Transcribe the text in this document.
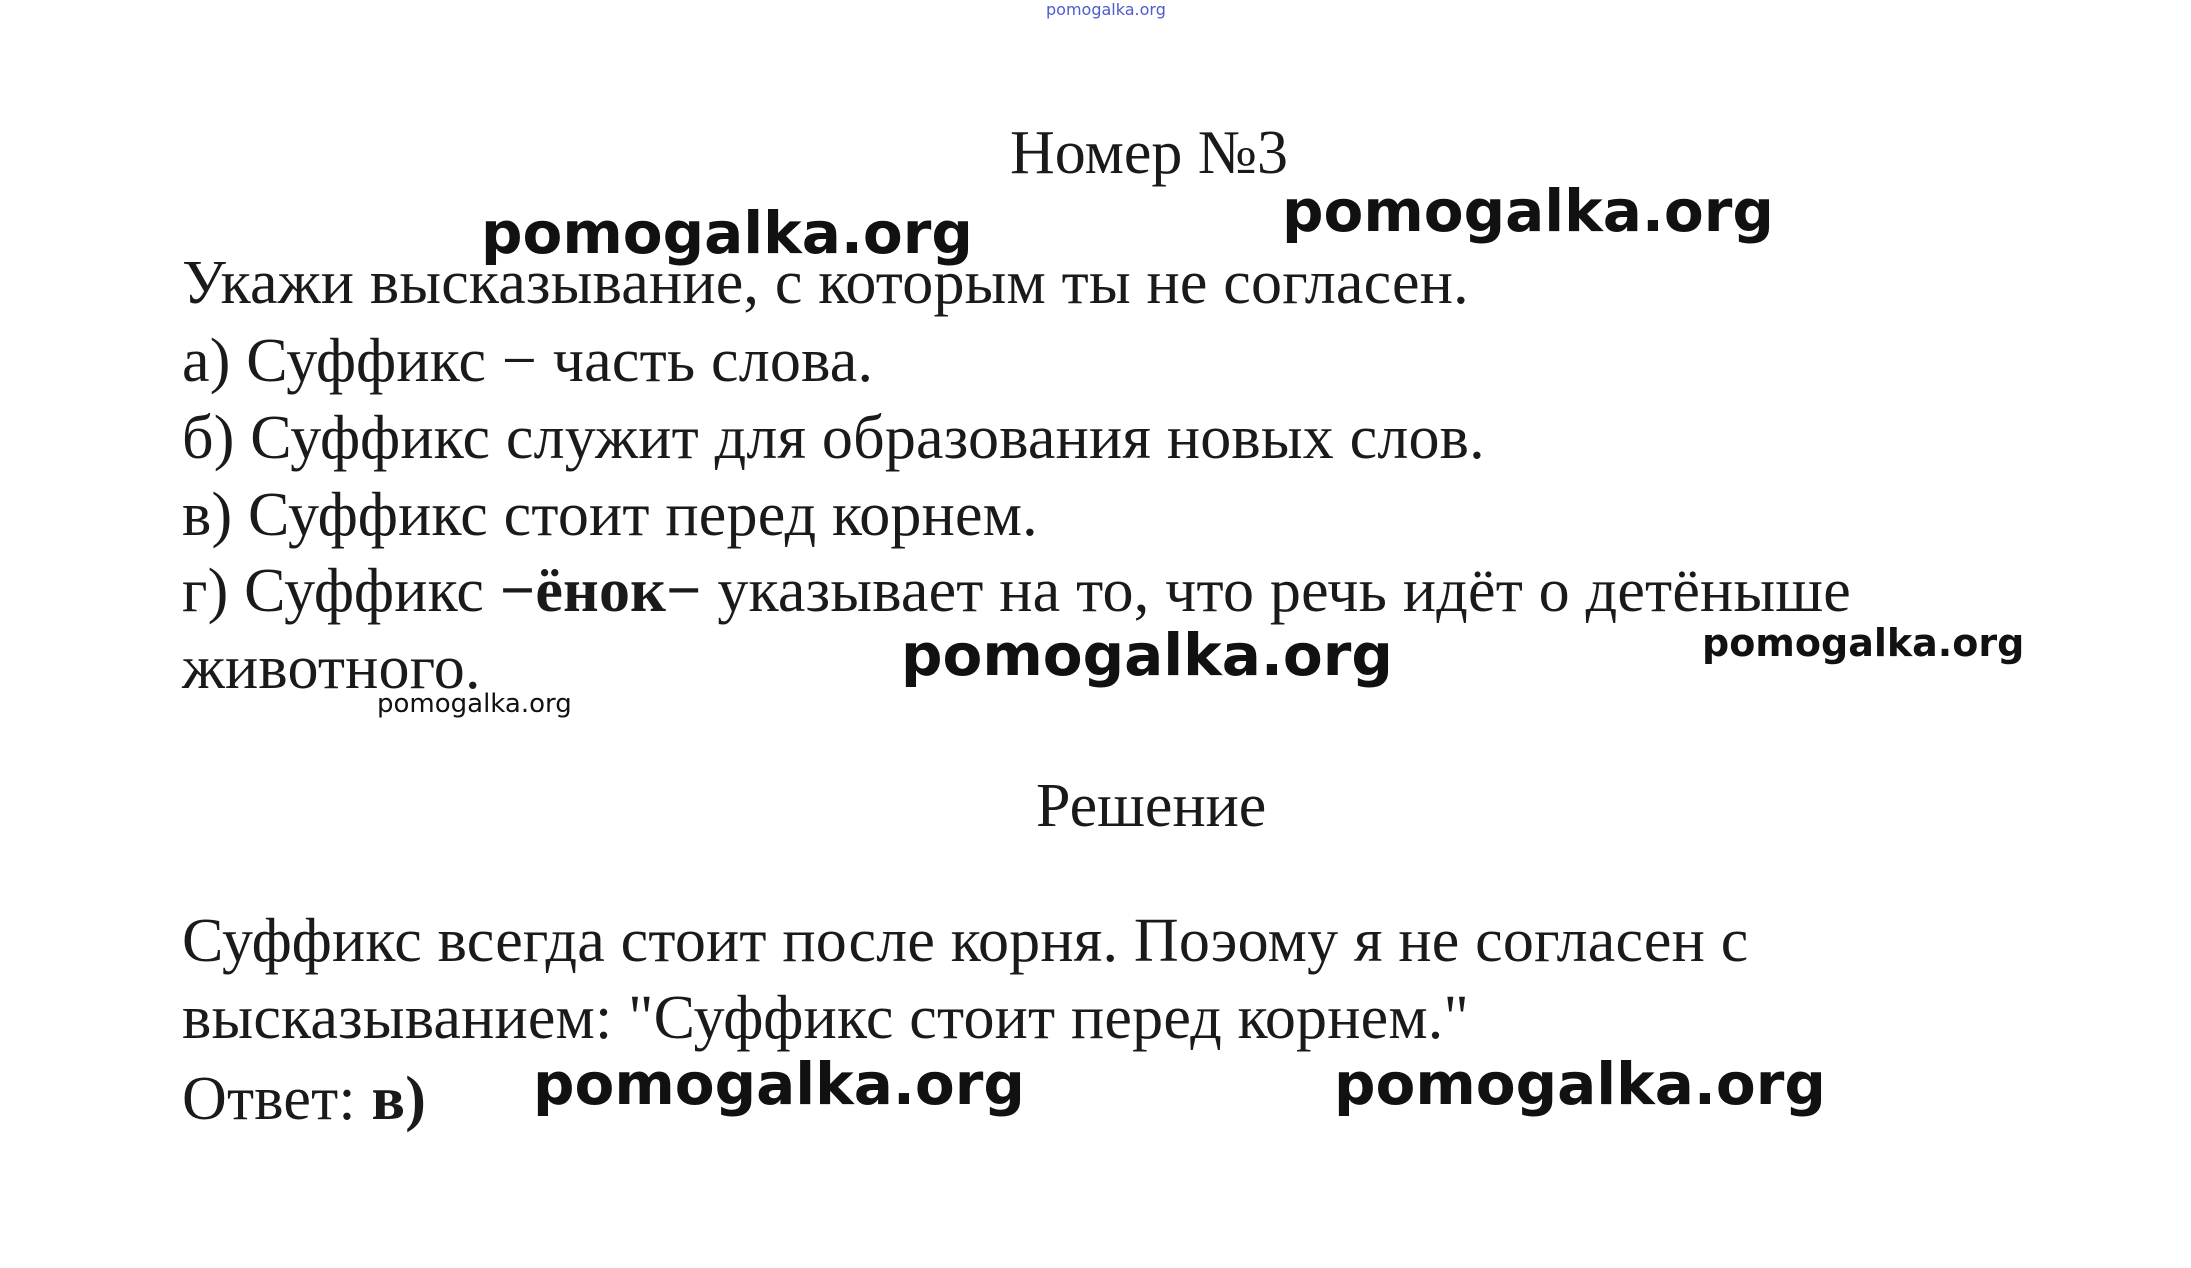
pomogalka.org
Номер №3
Укажи высказывание, с которым ты не согласен.
а) Суффикс − часть слова.
б) Суффикс служит для образования новых слов.
в) Суффикс стоит перед корнем.
г) Суффикс −ёнок− указывает на то, что речь идёт о детёныше
животного.
Решение
Суффикс всегда стоит после корня. Поэому я не согласен с
высказыванием: "Суффикс стоит перед корнем."
Ответ: в)
pomogalka.org	pomogalka.org
pomogalka.org	pomogalka.org
pomogalka.org
pomogalka.org	pomogalka.org
